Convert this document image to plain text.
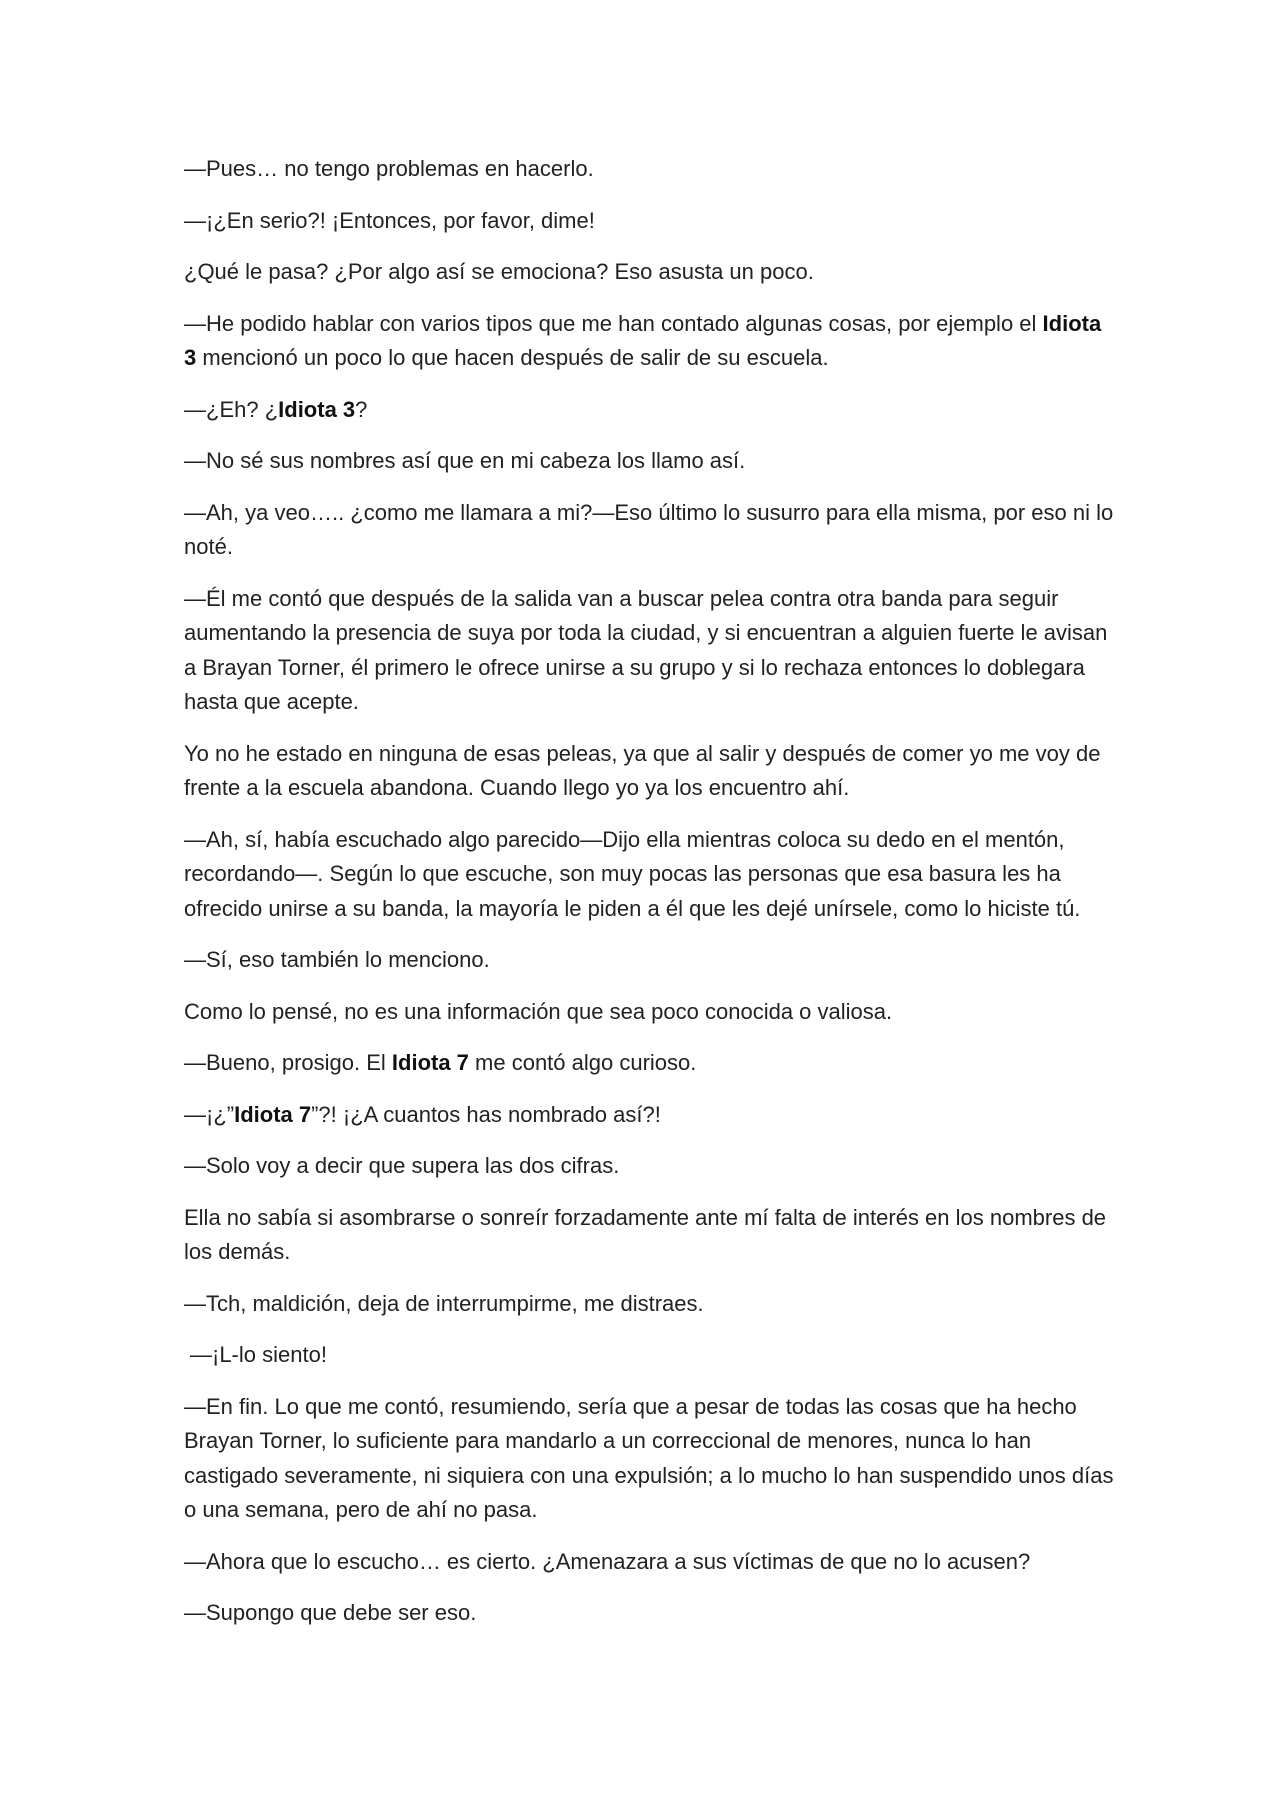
—Pues… no tengo problemas en hacerlo.

—¡¿En serio?! ¡Entonces, por favor, dime!

¿Qué le pasa? ¿Por algo así se emociona? Eso asusta un poco.

—He podido hablar con varios tipos que me han contado algunas cosas, por ejemplo el Idiota 3 mencionó un poco lo que hacen después de salir de su escuela.

—¿Eh? ¿Idiota 3?

—No sé sus nombres así que en mi cabeza los llamo así.

—Ah, ya veo….. ¿como me llamara a mi?—Eso último lo susurro para ella misma, por eso ni lo noté.

—Él me contó que después de la salida van a buscar pelea contra otra banda para seguir aumentando la presencia de suya por toda la ciudad, y si encuentran a alguien fuerte le avisan a Brayan Torner, él primero le ofrece unirse a su grupo y si lo rechaza entonces lo doblegara hasta que acepte.

Yo no he estado en ninguna de esas peleas, ya que al salir y después de comer yo me voy de frente a la escuela abandona. Cuando llego yo ya los encuentro ahí.

—Ah, sí, había escuchado algo parecido—Dijo ella mientras coloca su dedo en el mentón, recordando—. Según lo que escuche, son muy pocas las personas que esa basura les ha ofrecido unirse a su banda, la mayoría le piden a él que les dejé unírsele, como lo hiciste tú.

—Sí, eso también lo menciono.

Como lo pensé, no es una información que sea poco conocida o valiosa.

—Bueno, prosigo. El Idiota 7 me contó algo curioso.

—¡¿”Idiota 7”?! ¡¿A cuantos has nombrado así?!

—Solo voy a decir que supera las dos cifras.

Ella no sabía si asombrarse o sonreír forzadamente ante mí falta de interés en los nombres de los demás.

—Tch, maldición, deja de interrumpirme, me distraes.

—¡L-lo siento!

—En fin. Lo que me contó, resumiendo, sería que a pesar de todas las cosas que ha hecho Brayan Torner, lo suficiente para mandarlo a un correccional de menores, nunca lo han castigado severamente, ni siquiera con una expulsión; a lo mucho lo han suspendido unos días o una semana, pero de ahí no pasa.

—Ahora que lo escucho… es cierto. ¿Amenazara a sus víctimas de que no lo acusen?

—Supongo que debe ser eso.
